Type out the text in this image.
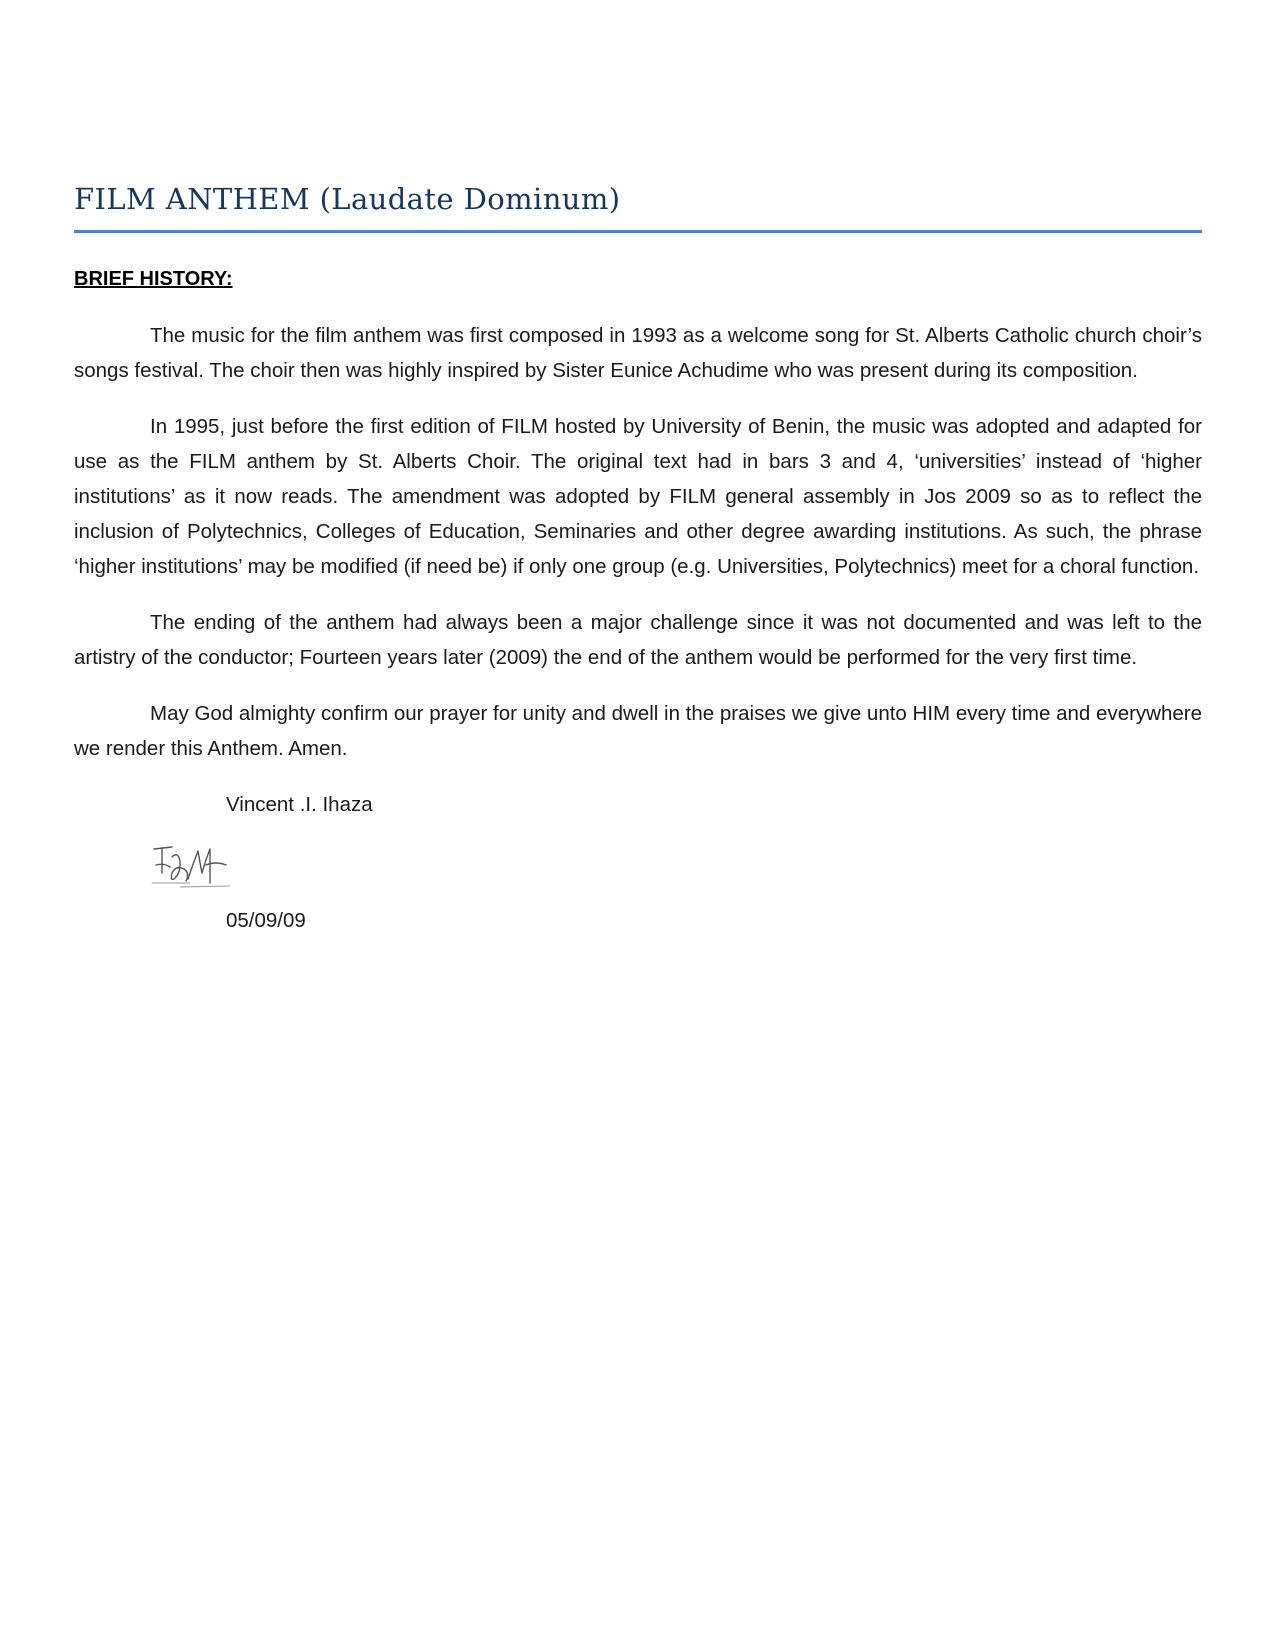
FILM ANTHEM (Laudate Dominum)
BRIEF HISTORY:

The music for the film anthem was first composed in 1993 as a welcome song for St. Alberts Catholic church choir’s songs festival. The choir then was highly inspired by Sister Eunice Achudime who was present during its composition.

In 1995, just before the first edition of FILM hosted by University of Benin, the music was adopted and adapted for use as the FILM anthem by St. Alberts Choir. The original text had in bars 3 and 4, ‘universities’ instead of ‘higher institutions’ as it now reads. The amendment was adopted by FILM general assembly in Jos 2009 so as to reflect the inclusion of Polytechnics, Colleges of Education, Seminaries and other degree awarding institutions. As such, the phrase ‘higher institutions’ may be modified (if need be) if only one group (e.g. Universities, Polytechnics) meet for a choral function.

The ending of the anthem had always been a major challenge since it was not documented and was left to the artistry of the conductor; Fourteen years later (2009) the end of the anthem would be performed for the very first time.

May God almighty confirm our prayer for unity and dwell in the praises we give unto HIM every time and everywhere we render this Anthem. Amen.

Vincent .I. Ihaza

05/09/09
